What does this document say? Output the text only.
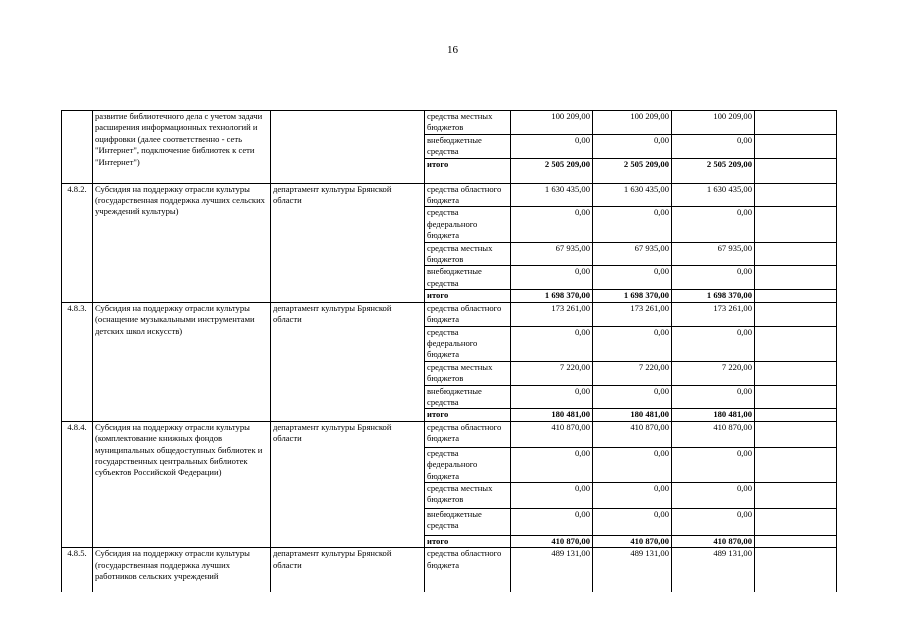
16
	развитие библиотечного дела с учетом задачи расширения информационных технологий и оцифровки (далее соответственно - сеть "Интернет", подключение библиотек к сети "Интернет")		средства местных бюджетов	100 209,00	100 209,00	100 209,00	
			внебюджетные средства	0,00	0,00	0,00	
			итого	2 505 209,00	2 505 209,00	2 505 209,00	
4.8.2.	Субсидия на поддержку отрасли культуры (государственная поддержка лучших сельских учреждений культуры)	департамент культуры Брянской области	средства областного бюджета	1 630 435,00	1 630 435,00	1 630 435,00	
			средства федерального бюджета	0,00	0,00	0,00	
			средства местных бюджетов	67 935,00	67 935,00	67 935,00	
			внебюджетные средства	0,00	0,00	0,00	
			итого	1 698 370,00	1 698 370,00	1 698 370,00	
4.8.3.	Субсидия на поддержку отрасли культуры (оснащение музыкальными инструментами детских школ искусств)	департамент культуры Брянской области	средства областного бюджета	173 261,00	173 261,00	173 261,00	
			средства федерального бюджета	0,00	0,00	0,00	
			средства местных бюджетов	7 220,00	7 220,00	7 220,00	
			внебюджетные средства	0,00	0,00	0,00	
			итого	180 481,00	180 481,00	180 481,00	
4.8.4.	Субсидия на поддержку отрасли культуры (комплектование книжных фондов муниципальных общедоступных библиотек и государственных центральных библиотек субъектов Российской Федерации)	департамент культуры Брянской области	средства областного бюджета	410 870,00	410 870,00	410 870,00	
			средства федерального бюджета	0,00	0,00	0,00	
			средства местных бюджетов	0,00	0,00	0,00	
			внебюджетные средства	0,00	0,00	0,00	
			итого	410 870,00	410 870,00	410 870,00	
4.8.5.	Субсидия на поддержку отрасли культуры (государственная поддержка лучших работников сельских учреждений	департамент культуры Брянской области	средства областного бюджета	489 131,00	489 131,00	489 131,00	
